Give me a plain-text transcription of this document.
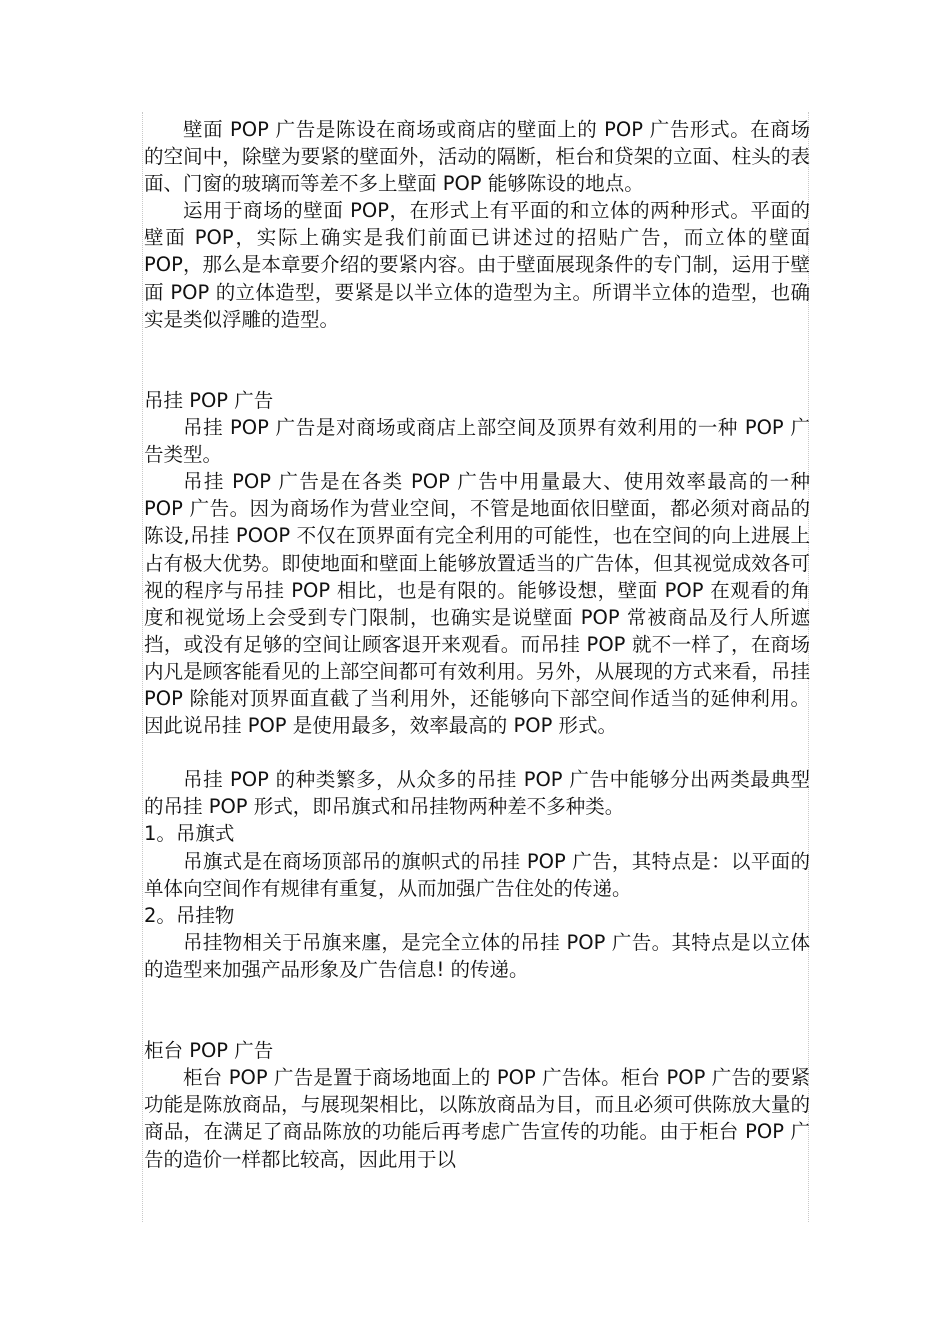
壁面 POP 广告是陈设在商场或商店的壁面上的 POP 广告形式。在商场的空间中，除壁为要紧的壁面外，活动的隔断，柜台和贷架的立面、柱头的表面、门窗的玻璃而等差不多上壁面 POP 能够陈设的地点。

运用于商场的壁面 POP，在形式上有平面的和立体的两种形式。平面的壁面 POP，实际上确实是我们前面已讲述过的招贴广告，而立体的壁面 POP，那么是本章要介绍的要紧内容。由于壁面展现条件的专门制，运用于壁面 POP 的立体造型，要紧是以半立体的造型为主。所谓半立体的造型，也确实是类似浮雕的造型。

吊挂 POP 广告

吊挂 POP 广告是对商场或商店上部空间及顶界有效利用的一种 POP 广告类型。

吊挂 POP 广告是在各类 POP 广告中用量最大、使用效率最高的一种 POP 广告。因为商场作为营业空间，不管是地面依旧壁面，都必须对商品的陈设,吊挂 POOP 不仅在顶界面有完全利用的可能性，也在空间的向上进展上占有极大优势。即使地面和壁面上能够放置适当的广告体，但其视觉成效各可视的程序与吊挂 POP 相比，也是有限的。能够设想，壁面 POP 在观看的角度和视觉场上会受到专门限制，也确实是说壁面 POP 常被商品及行人所遮挡，或没有足够的空间让顾客退开来观看。而吊挂 POP 就不一样了，在商场内凡是顾客能看见的上部空间都可有效利用。另外，从展现的方式来看，吊挂 POP 除能对顶界面直截了当利用外，还能够向下部空间作适当的延伸利用。因此说吊挂 POP 是使用最多，效率最高的 POP 形式。

吊挂 POP 的种类繁多，从众多的吊挂 POP 广告中能够分出两类最典型的吊挂 POP 形式，即吊旗式和吊挂物两种差不多种类。

1。吊旗式

吊旗式是在商场顶部吊的旗帜式的吊挂 POP 广告，其特点是：以平面的单体向空间作有规律有重复，从而加强广告住处的传递。

2。吊挂物

吊挂物相关于吊旗来廛，是完全立体的吊挂 POP 广告。其特点是以立体的造型来加强产品形象及广告信息! 的传递。

柜台 POP 广告

柜台 POP 广告是置于商场地面上的 POP 广告体。柜台 POP 广告的要紧功能是陈放商品，与展现架相比，以陈放商品为目，而且必须可供陈放大量的商品，在满足了商品陈放的功能后再考虑广告宣传的功能。由于柜台 POP 广告的造价一样都比较高，因此用于以
